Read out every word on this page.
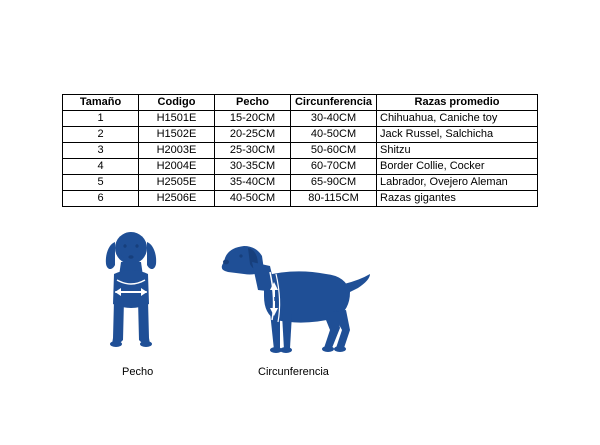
Tamaño	Codigo	Pecho	Circunferencia	Razas promedio
1	H1501E	15-20CM	30-40CM	Chihuahua, Caniche toy
2	H1502E	20-25CM	40-50CM	Jack Russel, Salchicha
3	H2003E	25-30CM	50-60CM	Shitzu
4	H2004E	30-35CM	60-70CM	Border Collie, Cocker
5	H2505E	35-40CM	65-90CM	Labrador, Ovejero Aleman
6	H2506E	40-50CM	80-115CM	Razas gigantes
Pecho	Circunferencia
